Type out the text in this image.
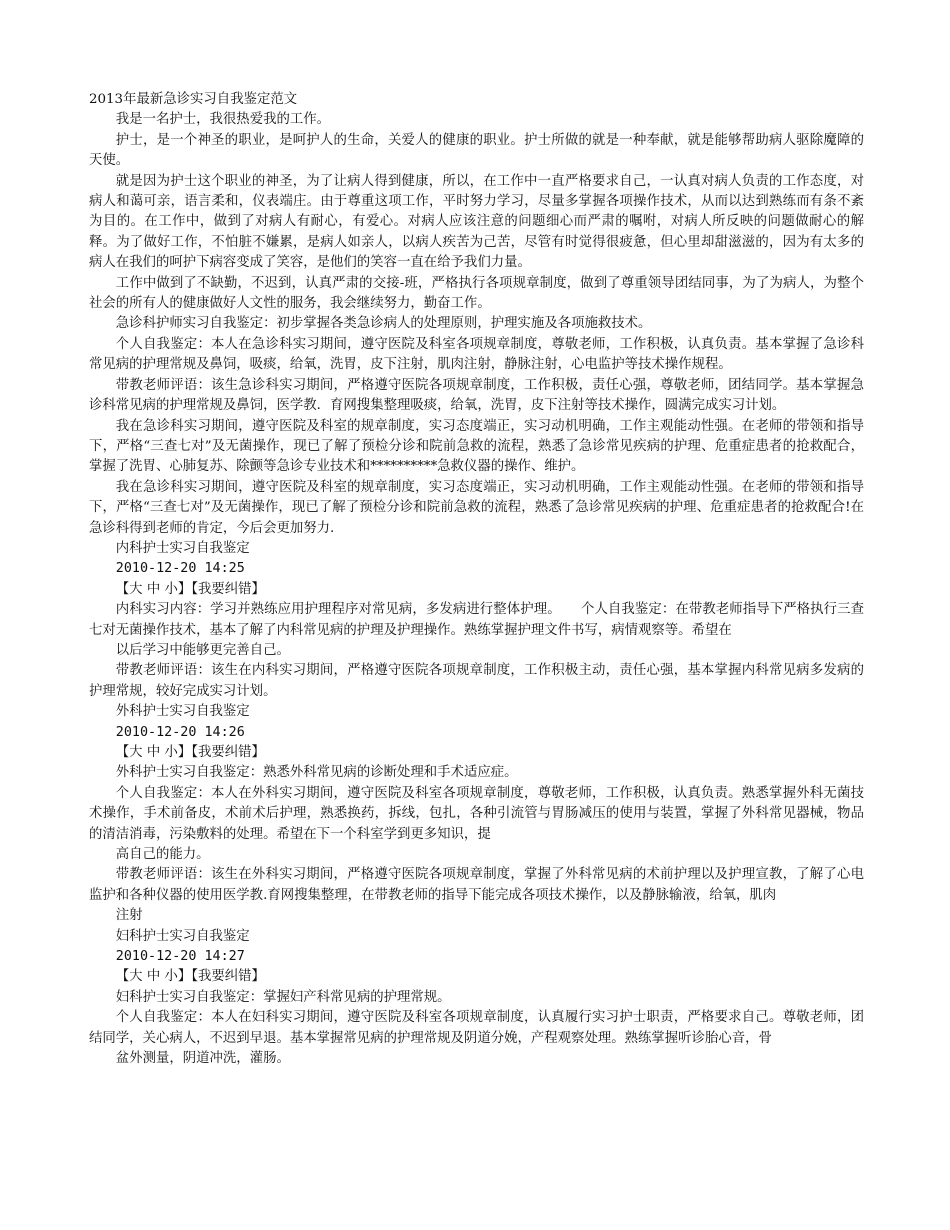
2013年最新急诊实习自我鉴定范文

我是一名护士，我很热爱我的工作。

护士，是一个神圣的职业，是呵护人的生命，关爱人的健康的职业。护士所做的就是一种奉献，就是能够帮助病人驱除魔障的天使。

就是因为护士这个职业的神圣，为了让病人得到健康，所以，在工作中一直严格要求自己，一认真对病人负责的工作态度，对病人和蔼可亲，语言柔和，仪表端庄。由于尊重这项工作，平时努力学习，尽量多掌握各项操作技术，从而以达到熟练而有条不紊为目的。在工作中，做到了对病人有耐心，有爱心。对病人应该注意的问题细心而严肃的嘱咐，对病人所反映的问题做耐心的解释。为了做好工作，不怕脏不嫌累，是病人如亲人，以病人疾苦为己苦，尽管有时觉得很疲惫，但心里却甜滋滋的，因为有太多的病人在我们的呵护下病容变成了笑容，是他们的笑容一直在给予我们力量。

工作中做到了不缺勤，不迟到，认真严肃的交接-班，严格执行各项规章制度，做到了尊重领导团结同事，为了为病人，为整个社会的所有人的健康做好人文性的服务，我会继续努力，勤奋工作。

急诊科护师实习自我鉴定：初步掌握各类急诊病人的处理原则，护理实施及各项施救技术。

个人自我鉴定：本人在急诊科实习期间，遵守医院及科室各项规章制度，尊敬老师，工作积极，认真负责。基本掌握了急诊科常见病的护理常规及鼻饲，吸痰，给氧，洗胃，皮下注射，肌肉注射，静脉注射，心电监护等技术操作规程。

带教老师评语：该生急诊科实习期间，严格遵守医院各项规章制度，工作积极，责任心强，尊敬老师，团结同学。基本掌握急诊科常见病的护理常规及鼻饲，医学教．育网搜集整理吸痰，给氧，洗胃，皮下注射等技术操作，圆满完成实习计划。

我在急诊科实习期间，遵守医院及科室的规章制度，实习态度端正，实习动机明确，工作主观能动性强。在老师的带领和指导下，严格“三查七对”及无菌操作，现已了解了预检分诊和院前急救的流程，熟悉了急诊常见疾病的护理、危重症患者的抢救配合，掌握了洗胃、心肺复苏、除颤等急诊专业技术和**********急救仪器的操作、维护。

我在急诊科实习期间，遵守医院及科室的规章制度，实习态度端正，实习动机明确，工作主观能动性强。在老师的带领和指导下，严格“三查七对”及无菌操作，现已了解了预检分诊和院前急救的流程，熟悉了急诊常见疾病的护理、危重症患者的抢救配合!在急诊科得到老师的肯定，今后会更加努力.

内科护士实习自我鉴定

2010-12-20 14:25

【大 中 小】【我要纠错】

内科实习内容：学习并熟练应用护理程序对常见病，多发病进行整体护理。　　个人自我鉴定：在带教老师指导下严格执行三查七对无菌操作技术，基本了解了内科常见病的护理及护理操作。熟练掌握护理文件书写，病情观察等。希望在

以后学习中能够更完善自己。

带教老师评语：该生在内科实习期间，严格遵守医院各项规章制度，工作积极主动，责任心强，基本掌握内科常见病多发病的护理常规，较好完成实习计划。

外科护士实习自我鉴定

2010-12-20 14:26

【大 中 小】【我要纠错】

外科护士实习自我鉴定：熟悉外科常见病的诊断处理和手术适应症。

个人自我鉴定：本人在外科实习期间，遵守医院及科室各项规章制度，尊敬老师，工作积极，认真负责。熟悉掌握外科无菌技术操作，手术前备皮，术前术后护理，熟悉换药，拆线，包扎，各种引流管与胃肠减压的使用与装置，掌握了外科常见器械，物品的清洁消毒，污染敷料的处理。希望在下一个科室学到更多知识，提

高自己的能力。

带教老师评语：该生在外科实习期间，严格遵守医院各项规章制度，掌握了外科常见病的术前护理以及护理宣教，了解了心电监护和各种仪器的使用医学教.育网搜集整理，在带教老师的指导下能完成各项技术操作，以及静脉输液，给氧，肌肉

注射

妇科护士实习自我鉴定

2010-12-20 14:27

【大 中 小】【我要纠错】

妇科护士实习自我鉴定：掌握妇产科常见病的护理常规。

个人自我鉴定：本人在妇科实习期间，遵守医院及科室各项规章制度，认真履行实习护士职责，严格要求自己。尊敬老师，团结同学，关心病人，不迟到早退。基本掌握常见病的护理常规及阴道分娩，产程观察处理。熟练掌握听诊胎心音，骨

盆外测量，阴道冲洗，灌肠。
